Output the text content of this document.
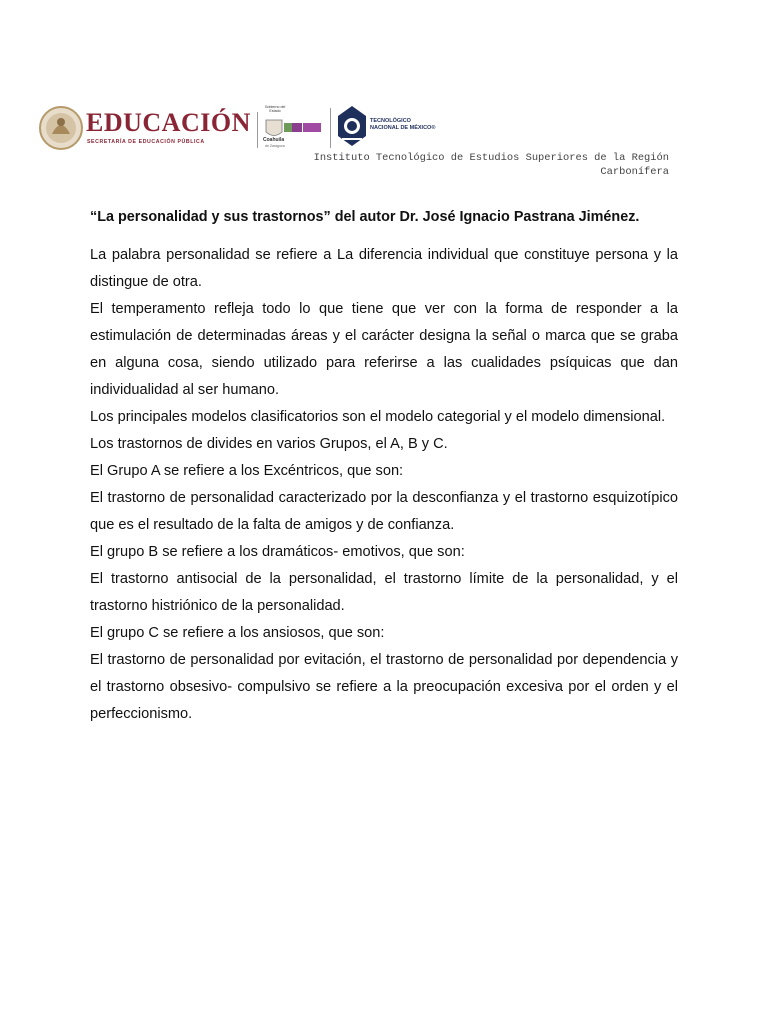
EDUCACIÓN
SECRETARÍA DE EDUCACIÓN PÚBLICA
Gobierno del Estado
Coahuila
de Zaragoza
TECNOLÓGICO
NACIONAL DE MÉXICO®
Instituto Tecnológico de Estudios Superiores de la Región
Carbonífera

“La personalidad y sus trastornos” del autor Dr. José Ignacio Pastrana Jiménez.

La palabra personalidad se refiere a La diferencia individual que constituye persona y la distingue de otra.

El temperamento refleja todo lo que tiene que ver con la forma de responder a la estimulación de determinadas áreas y el carácter designa la señal o marca que se graba en alguna cosa, siendo utilizado para referirse a las cualidades psíquicas que dan individualidad al ser humano.

Los principales modelos clasificatorios son el modelo categorial y el modelo dimensional.

Los trastornos de divides en varios Grupos, el A, B y C.

El Grupo A se refiere a los Excéntricos, que son:

El trastorno de personalidad caracterizado por la desconfianza y el trastorno esquizotípico que es el resultado de la falta de amigos y de confianza.

El grupo B se refiere a los dramáticos- emotivos, que son:

El trastorno antisocial de la personalidad, el trastorno límite de la personalidad, y el trastorno histriónico de la personalidad.

El grupo C se refiere a los ansiosos, que son:

El trastorno de personalidad por evitación, el trastorno de personalidad por dependencia y el trastorno obsesivo- compulsivo se refiere a la preocupación excesiva por el orden y el perfeccionismo.
